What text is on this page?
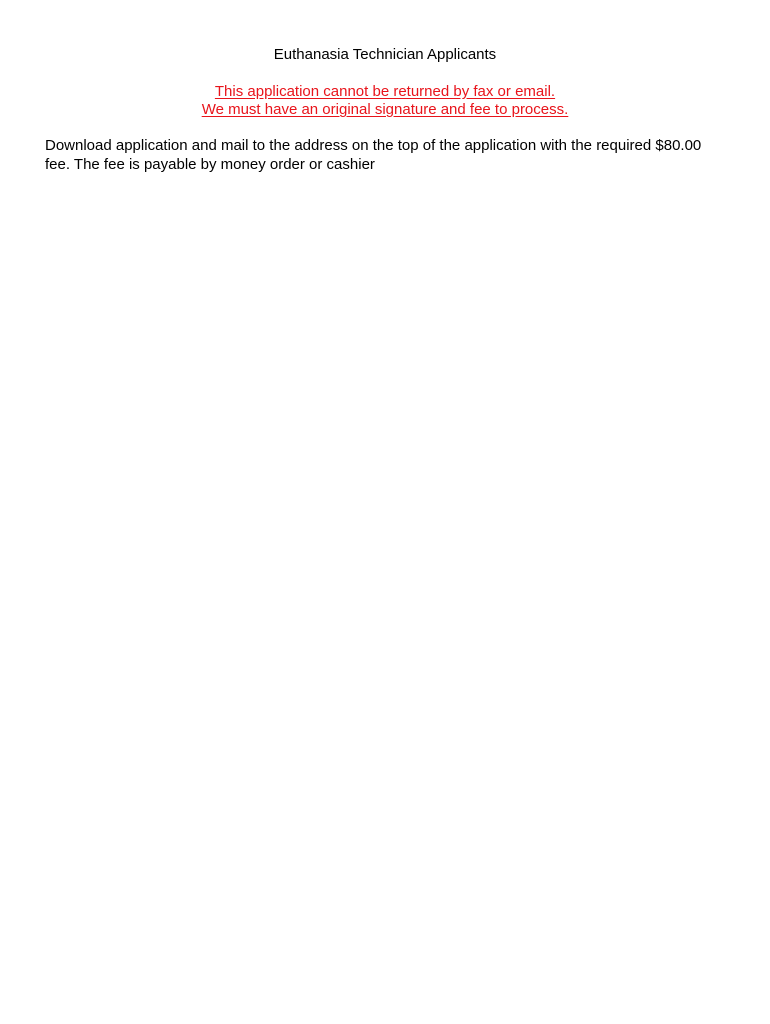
Euthanasia Technician Applicants
This application cannot be returned by fax or email.
We must have an original signature and fee to process.

Download application and mail to the address on the top of the application with the required $80.00
fee. The fee is payable by money order or cashier
